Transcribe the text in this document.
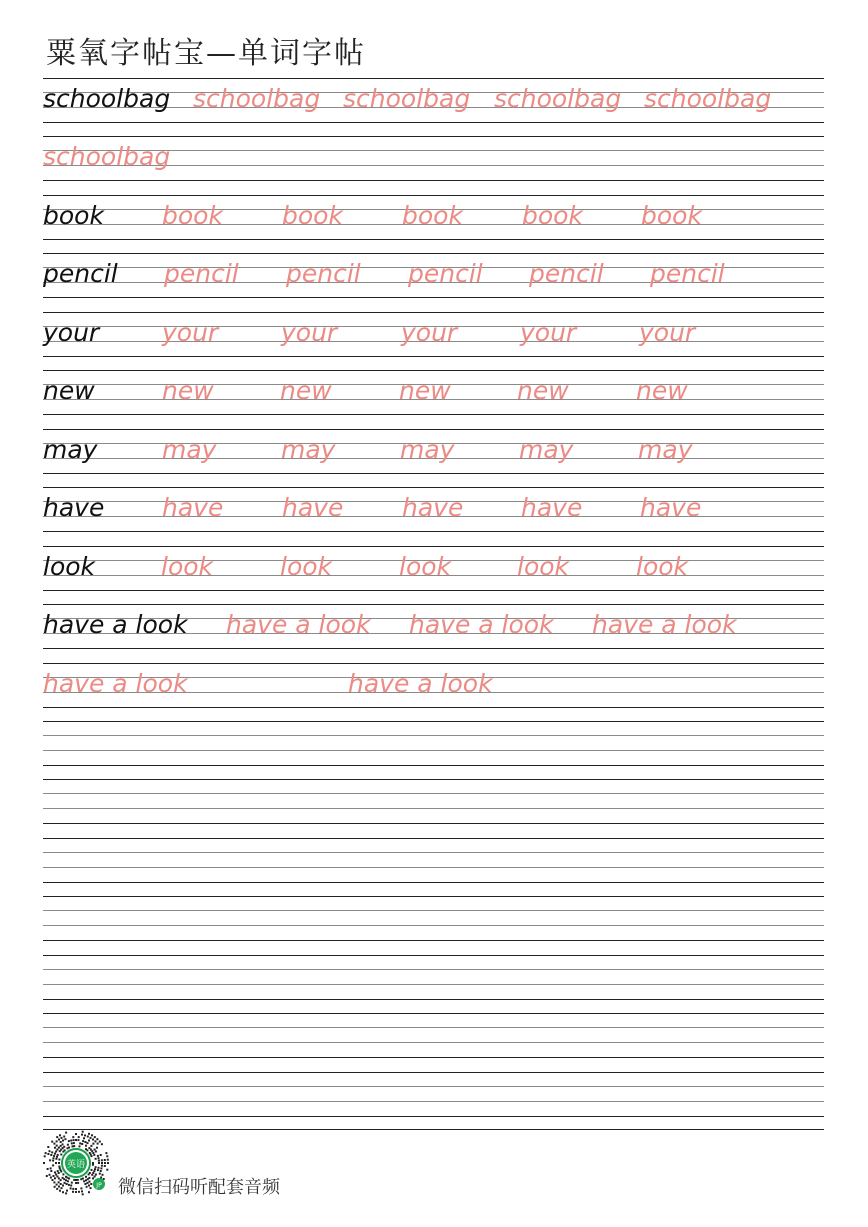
粟氧字帖宝—单词字帖
schoolbag schoolbag schoolbag schoolbag schoolbag
schoolbag
book book book book book book
pencil pencil pencil pencil pencil pencil
your	your	your	your	your	your
new	new	new	new	new	new
may	may	may	may	may	may
have have have have have have
look	look	look	look	look	look
have a look have a look have a look have a look
have a look	have a look
英语
JP 微信扫码听配套音频
